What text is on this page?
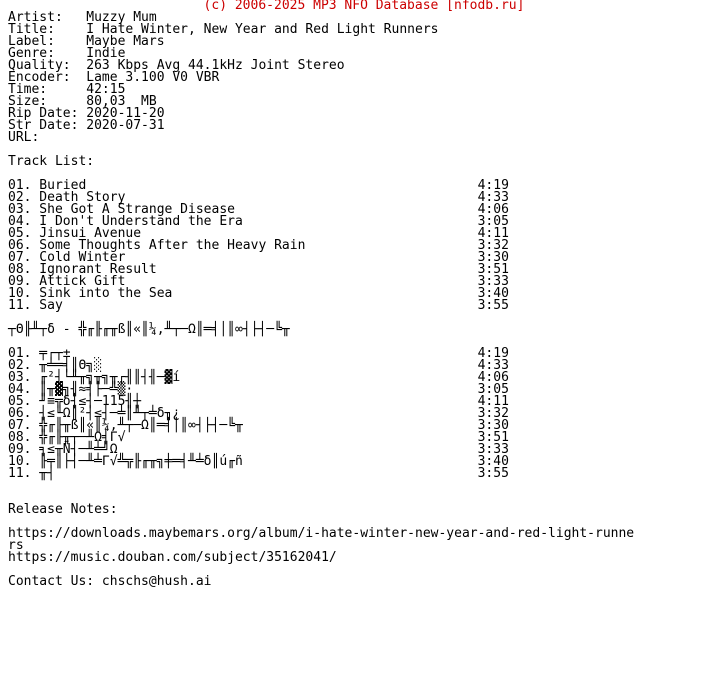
(c) 2006-2025 MP3 NFO Database [nfodb.ru]
Artist:   Muzzy Mum
Title:    I Hate Winter, New Year and Red Light Runners
Label:    Maybe Mars
Genre:    Indie
Quality:  263 Kbps Avg 44.1kHz Joint Stereo
Encoder:  Lame 3.100 V0 VBR
Time:     42:15
Size:     80,03  MB
Rip Date: 2020-11-20
Str Date: 2020-07-31
URL:

Track List:

01. Buried                                                  4:19
02. Death Story                                             4:33
03. She Got A Strange Disease                               4:06
04. I Don't Understand the Era                              3:05
05. Jinsui Avenue                                           4:11
06. Some Thoughts After the Heavy Rain                      3:32
07. Cold Winter                                             3:30
08. Ignorant Result                                         3:51
09. Attick Gift                                             3:33
10. Sink into the Sea                                       3:40
11. Say                                                     3:55

┬Θ╟╨┬δ - ╬╓╟╓╥ß║«║¼,╨┬─Ω║═╡│║∞┤├┤─╚╥

01. ╤┌┬±                                                    4:19
02. ╥╧═╡║Θ╗░                                                4:33
03. ╓²┤└╨╥╗╥╗╥┌╢║┤╢─▓í                                      4:06
04. ║╥▓╗╢≈╡├─╩▒·                                            3:05
05. ╜≡╦δ┤≤┤─115╢┼                                           4:11
06. ┤≤╙Ω║²┤≤┤─╧║╨┬╧δ╖¿                                      3:32
07. ╬╓╟╥ß║«║¼,╨┬─Ω║═╡│║∞┤├┤─╚╥                              3:30
08. ╬╓╟╥┬─╨Ω╡Γ√                                             3:51
09. ╕≤╥Ñ┤─╨╧╝Ω                                              3:33
10. ╟╤║├┤─╨╧Γ√╩╦╟╓╥╗╪═╡╨╧δ║ú╓ñ                              3:40
11. ╥┤                                                      3:55

Release Notes:

https://downloads.maybemars.org/album/i-hate-winter-new-year-and-red-light-runne
rs
https://music.douban.com/subject/35162041/

Contact Us: chschs@hush.ai
